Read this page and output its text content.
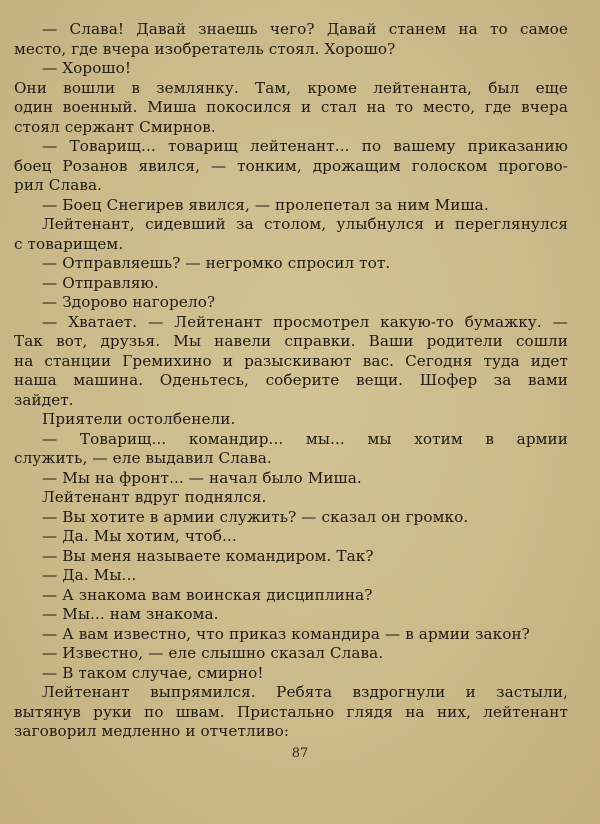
— Слава! Давай знаешь чего? Давай станем на то самое
место, где вчера изобретатель стоял. Хорошо?
— Хорошо!
Они вошли в землянку. Там, кроме лейтенанта, был еще
один военный. Миша покосился и стал на то место, где вчера
стоял сержант Смирнов.
— Товарищ... товарищ лейтенант... по вашему приказанию
боец Розанов явился, — тонким, дрожащим голоском прогово-
рил Слава.
— Боец Снегирев явился, — пролепетал за ним Миша.
Лейтенант, сидевший за столом, улыбнулся и переглянулся
с товарищем.
— Отправляешь? — негромко спросил тот.
— Отправляю.
— Здорово нагорело?
— Хватает. — Лейтенант просмотрел какую-то бумажку. —
Так вот, друзья. Мы навели справки. Ваши родители сошли
на станции Гремихино и разыскивают вас. Сегодня туда идет
наша машина. Оденьтесь, соберите вещи. Шофер за вами
зайдет.
Приятели остолбенели.
— Товарищ... командир... мы... мы хотим в армии
служить, — еле выдавил Слава.
— Мы на фронт... — начал было Миша.
Лейтенант вдруг поднялся.
— Вы хотите в армии служить? — сказал он громко.
— Да. Мы хотим, чтоб...
— Вы меня называете командиром. Так?
— Да. Мы...
— А знакома вам воинская дисциплина?
— Мы... нам знакома.
— А вам известно, что приказ командира — в армии закон?
— Известно, — еле слышно сказал Слава.
— В таком случае, смирно!
Лейтенант выпрямился. Ребята вздрогнули и застыли,
вытянув руки по швам. Пристально глядя на них, лейтенант
заговорил медленно и отчетливо:
87
